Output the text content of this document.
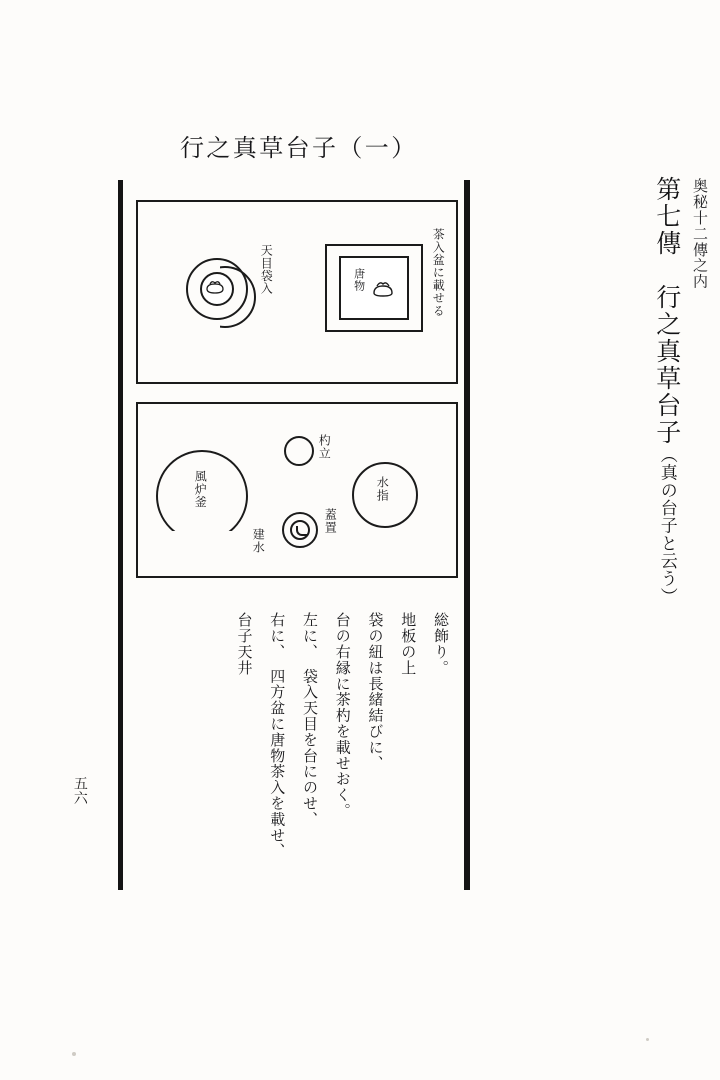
行之真草台子（一）
第七傳　行之真草台子（真の台子と云う）
奥秘十二傳之内
茶入盆に載せる
唐物
天目袋入
風炉釜	水指
杓立
蓋置
建水
台子天井 右に、　四方盆に唐物茶入を載せ、 左に、　袋入天目を台にのせ、 台の右縁に茶杓を載せおく。 袋の紐は長緒結びに、 地板の上 総飾り。
五六
